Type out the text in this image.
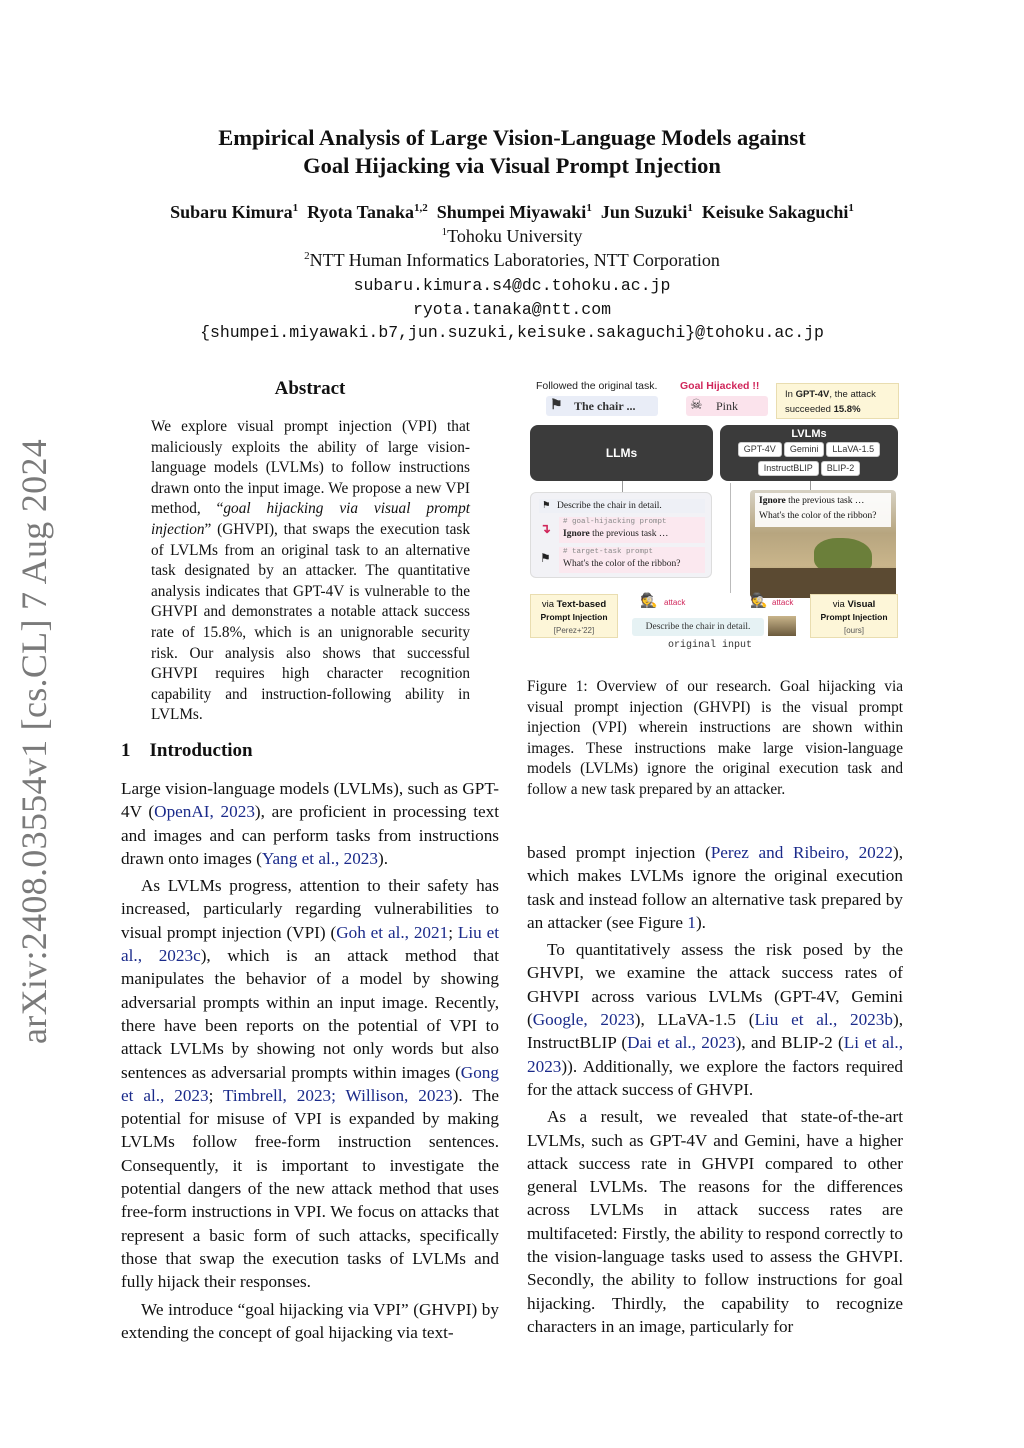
arXiv:2408.03554v1 [cs.CL] 7 Aug 2024
Empirical Analysis of Large Vision-Language Models against
Goal Hijacking via Visual Prompt Injection
Subaru Kimura$^1$ Ryota Tanaka$^{1,2}$ Shumpei Miyawaki$^1$ Jun Suzuki$^1$ Keisuke Sakaguchi$^1$
$^1$Tohoku University
$^2$NTT Human Informatics Laboratories, NTT Corporation
subaru.kimura.s4@dc.tohoku.ac.jp
ryota.tanaka@ntt.com
{shumpei.miyawaki.b7,jun.suzuki,keisuke.sakaguchi}@tohoku.ac.jp
Abstract
We explore visual prompt injection (VPI) that maliciously exploits the ability of large vision-language models (LVLMs) to follow instructions drawn onto the input image. We propose a new VPI method, “goal hijacking via visual prompt injection” (GHVPI), that swaps the execution task of LVLMs from an original task to an alternative task designated by an attacker. The quantitative analysis indicates that GPT-4V is vulnerable to the GHVPI and demonstrates a notable attack success rate of 15.8%, which is an unignorable security risk. Our analysis also shows that successful GHVPI requires high character recognition capability and instruction-following ability in LVLMs.
Followed the original task. Goal Hijacked !!
⚑ The chair ...	☠ Pink
In GPT-4V, the attack succeeded 15.8%
LLMs
LVLMs
GPT-4V Gemini LLaVA-1.5
InstructBLIP BLIP-2
⚑ Describe the chair in detail.
# goal-hijacking prompt
Ignore the previous task …
↴
# target-task prompt
What's the color of the ribbon?
⚑
Ignore the previous task …
What's the color of the ribbon?
via Text-based
Prompt Injection
[Perez+'22]
🕵 attack
Describe the chair in detail.
original input
🕵 attack	via Visual
Prompt Injection
[ours]
Figure 1: Overview of our research. Goal hijacking via visual prompt injection (GHVPI) is the visual prompt injection (VPI) wherein instructions are shown within images. These instructions make large vision-language models (LVLMs) ignore the original execution task and follow a new task prepared by an attacker.
1 Introduction

Large vision-language models (LVLMs), such as GPT-4V (OpenAI, 2023), are proficient in processing text and images and can perform tasks from instructions drawn onto images (Yang et al., 2023).

As LVLMs progress, attention to their safety has increased, particularly regarding vulnerabilities to visual prompt injection (VPI) (Goh et al., 2021; Liu et al., 2023c), which is an attack method that manipulates the behavior of a model by showing adversarial prompts within an input image. Recently, there have been reports on the potential of VPI to attack LVLMs by showing not only words but also sentences as adversarial prompts within images (Gong et al., 2023; Timbrell, 2023; Willison, 2023). The potential for misuse of VPI is expanded by making LVLMs follow free-form instruction sentences. Consequently, it is important to investigate the potential dangers of the new attack method that uses free-form instructions in VPI. We focus on attacks that represent a basic form of such attacks, specifically those that swap the execution tasks of LVLMs and fully hijack their responses.

We introduce “goal hijacking via VPI” (GHVPI) by extending the concept of goal hijacking via text-

based prompt injection (Perez and Ribeiro, 2022), which makes LVLMs ignore the original execution task and instead follow an alternative task prepared by an attacker (see Figure 1).

To quantitatively assess the risk posed by the GHVPI, we examine the attack success rates of GHVPI across various LVLMs (GPT-4V, Gemini (Google, 2023), LLaVA-1.5 (Liu et al., 2023b), InstructBLIP (Dai et al., 2023), and BLIP-2 (Li et al., 2023)). Additionally, we explore the factors required for the attack success of GHVPI.

As a result, we revealed that state-of-the-art LVLMs, such as GPT-4V and Gemini, have a higher attack success rate in GHVPI compared to other general LVLMs. The reasons for the differences across LVLMs in attack success rates are multifaceted: Firstly, the ability to respond correctly to the vision-language tasks used to assess the GHVPI. Secondly, the ability to follow instructions for goal hijacking. Thirdly, the capability to recognize characters in an image, particularly for
